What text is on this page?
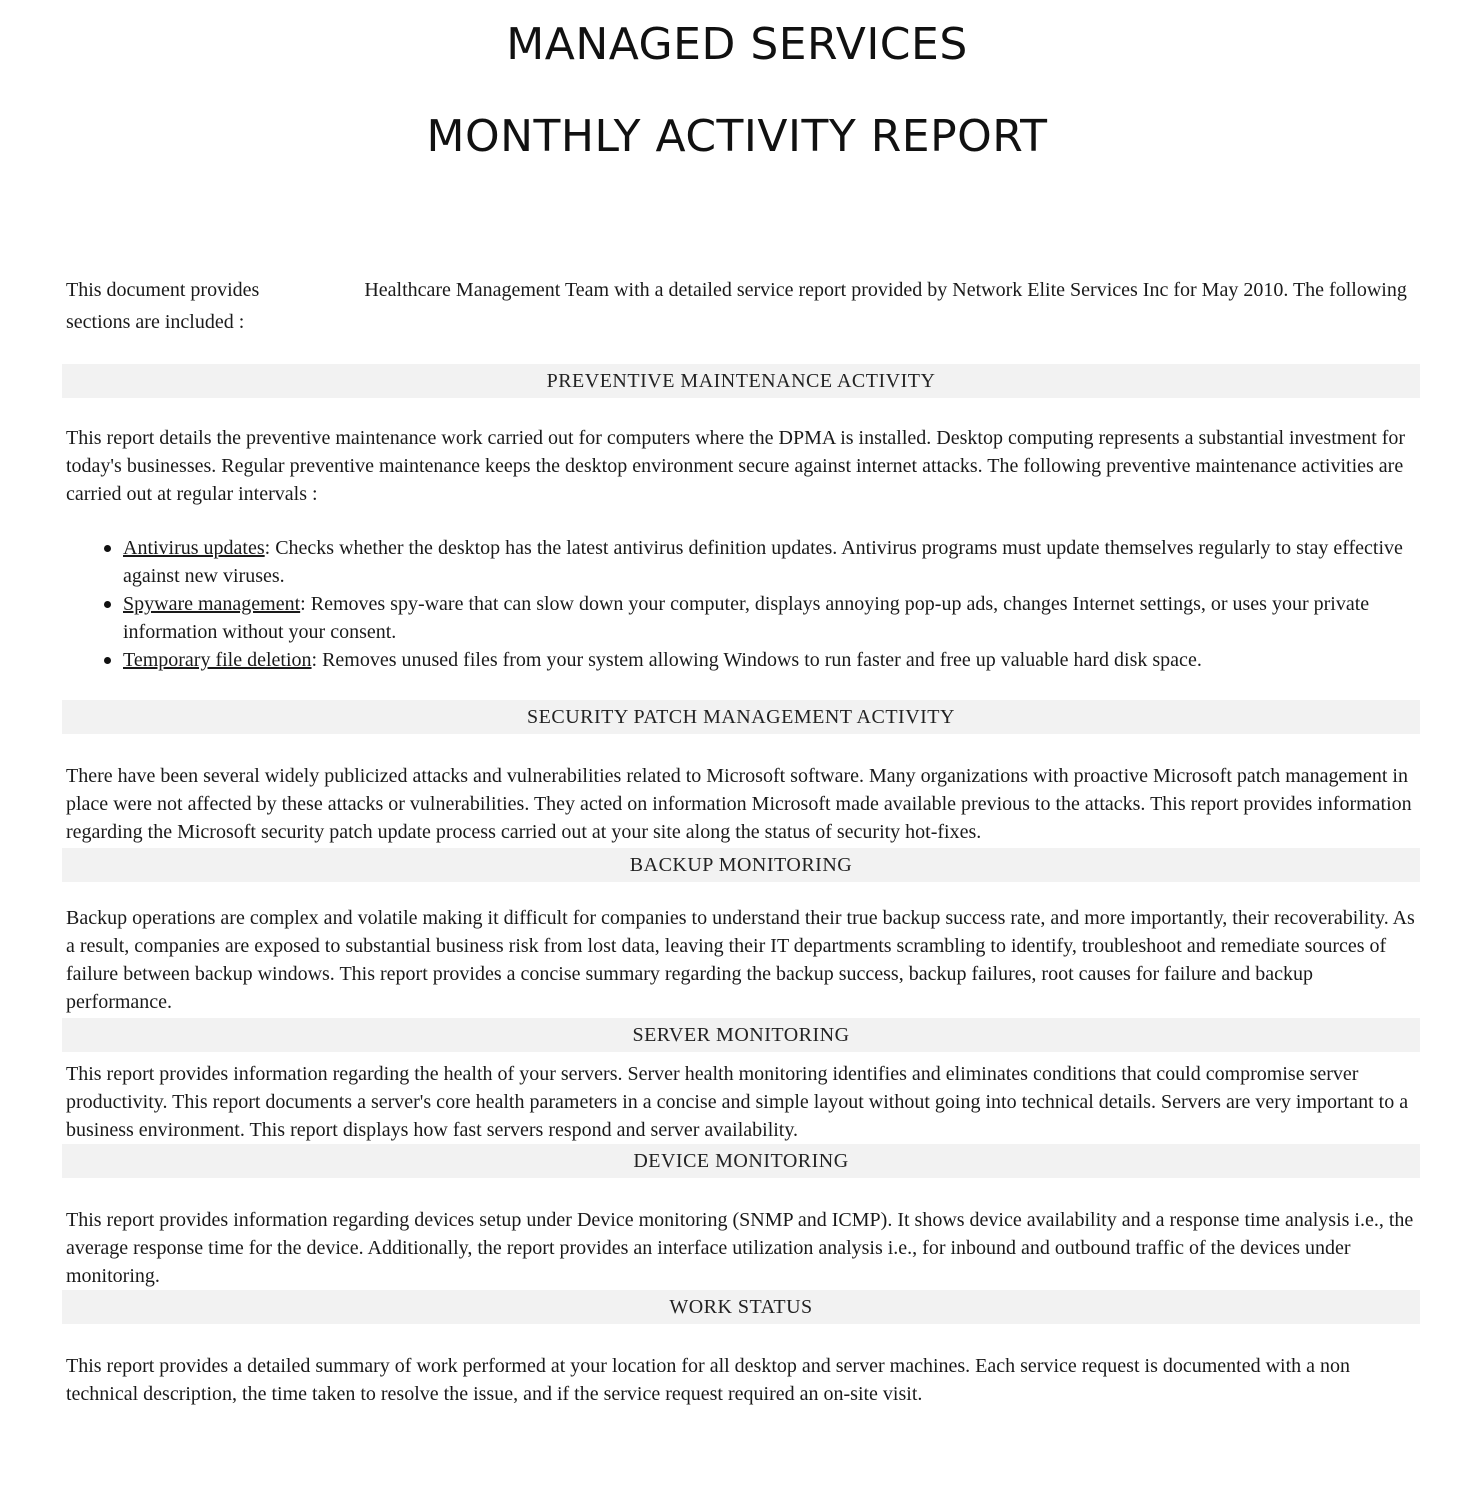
MANAGED SERVICES
MONTHLY ACTIVITY REPORT

This document provides	Healthcare Management Team with a detailed service report provided by Network Elite Services Inc for May 2010. The following sections are included :

PREVENTIVE MAINTENANCE ACTIVITY

This report details the preventive maintenance work carried out for computers where the DPMA is installed. Desktop computing represents a substantial investment for today's businesses. Regular preventive maintenance keeps the desktop environment secure against internet attacks. The following preventive maintenance activities are carried out at regular intervals :

Antivirus updates: Checks whether the desktop has the latest antivirus definition updates. Antivirus programs must update themselves regularly to stay effective against new viruses.
Spyware management: Removes spy-ware that can slow down your computer, displays annoying pop-up ads, changes Internet settings, or uses your private information without your consent.
Temporary file deletion: Removes unused files from your system allowing Windows to run faster and free up valuable hard disk space.
SECURITY PATCH MANAGEMENT ACTIVITY

There have been several widely publicized attacks and vulnerabilities related to Microsoft software. Many organizations with proactive Microsoft patch management in place were not affected by these attacks or vulnerabilities. They acted on information Microsoft made available previous to the attacks. This report provides information regarding the Microsoft security patch update process carried out at your site along the status of security hot-fixes.

BACKUP MONITORING

Backup operations are complex and volatile making it difficult for companies to understand their true backup success rate, and more importantly, their recoverability. As a result, companies are exposed to substantial business risk from lost data, leaving their IT departments scrambling to identify, troubleshoot and remediate sources of failure between backup windows. This report provides a concise summary regarding the backup success, backup failures, root causes for failure and backup performance.

SERVER MONITORING

This report provides information regarding the health of your servers. Server health monitoring identifies and eliminates conditions that could compromise server productivity. This report documents a server's core health parameters in a concise and simple layout without going into technical details. Servers are very important to a business environment. This report displays how fast servers respond and server availability.

DEVICE MONITORING

This report provides information regarding devices setup under Device monitoring (SNMP and ICMP). It shows device availability and a response time analysis i.e., the average response time for the device. Additionally, the report provides an interface utilization analysis i.e., for inbound and outbound traffic of the devices under monitoring.

WORK STATUS

This report provides a detailed summary of work performed at your location for all desktop and server machines. Each service request is documented with a non technical description, the time taken to resolve the issue, and if the service request required an on-site visit.
